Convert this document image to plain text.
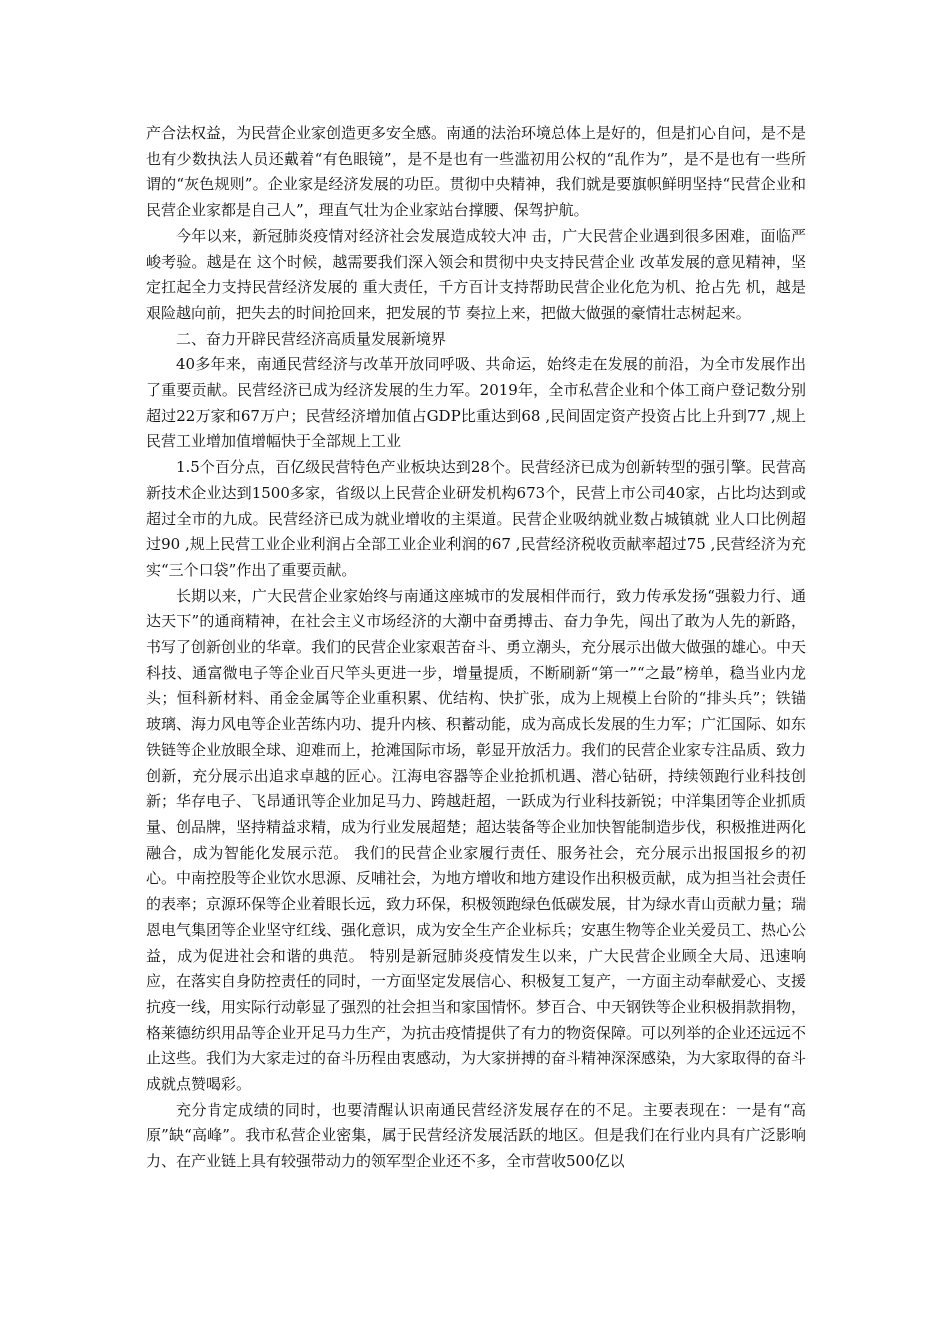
产合法权益，为民营企业家创造更多安全感。南通的法治环境总体上是好的，但是扪心自问，是不是也有少数执法人员还戴着“有色眼镜”，是不是也有一些滥初用公权的“乱作为”，是不是也有一些所谓的“灰色规则”。企业家是经济发展的功臣。贯彻中央精神，我们就是要旗帜鲜明坚持“民营企业和民营企业家都是自己人”，理直气壮为企业家站台撑腰、保驾护航。

今年以来，新冠肺炎疫情对经济社会发展造成较大冲 击，广大民营企业遇到很多困难，面临严峻考验。越是在 这个时候，越需要我们深入领会和贯彻中央支持民营企业 改革发展的意见精神，坚定扛起全力支持民营经济发展的 重大责任，千方百计支持帮助民营企业化危为机、抢占先 机，越是艰险越向前，把失去的时间抢回来，把发展的节 奏拉上来，把做大做强的豪情壮志树起来。

二、奋力开辟民营经济高质量发展新境界

40多年来，南通民营经济与改革开放同呼吸、共命运，始终走在发展的前沿，为全市发展作出了重要贡献。民营经济已成为经济发展的生力军。2019年，全市私营企业和个体工商户登记数分别超过22万家和67万户；民营经济增加值占GDP比重达到68 ,民间固定资产投资占比上升到77 ,规上民营工业增加值增幅快于全部规上工业

1.5个百分点，百亿级民营特色产业板块达到28个。民营经济已成为创新转型的强引擎。民营高新技术企业达到1500多家，省级以上民营企业研发机构673个，民营上市公司40家，占比均达到或超过全市的九成。民营经济已成为就业增收的主渠道。民营企业吸纳就业数占城镇就 业人口比例超过90 ,规上民营工业企业利润占全部工业企业利润的67 ,民营经济税收贡献率超过75 ,民营经济为充实“三个口袋”作出了重要贡献。

长期以来，广大民营企业家始终与南通这座城市的发展相伴而行，致力传承发扬“强毅力行、通达天下”的通商精神，在社会主义市场经济的大潮中奋勇搏击、奋力争先，闯出了敢为人先的新路，书写了创新创业的华章。我们的民营企业家艰苦奋斗、勇立潮头，充分展示出做大做强的雄心。中天科技、通富微电子等企业百尺竿头更进一步，增量提质，不断刷新“第一”“之最”榜单，稳当业内龙头；恒科新材料、甬金金属等企业重积累、优结构、快扩张，成为上规模上台阶的“排头兵”；铁锚玻璃、海力风电等企业苦练内功、提升内核、积蓄动能，成为高成长发展的生力军；广汇国际、如东铁链等企业放眼全球、迎难而上，抢滩国际市场，彰显开放活力。我们的民营企业家专注品质、致力创新，充分展示出追求卓越的匠心。江海电容器等企业抢抓机遇、潜心钻研，持续领跑行业科技创新；华存电子、飞昂通讯等企业加足马力、跨越赶超，一跃成为行业科技新锐；中洋集团等企业抓质量、创品牌，坚持精益求精，成为行业发展超楚；超达装备等企业加快智能制造步伐，积极推进两化融合，成为智能化发展示范。 我们的民营企业家履行责任、服务社会，充分展示出报国报乡的初心。中南控股等企业饮水思源、反哺社会，为地方增收和地方建设作出积极贡献，成为担当社会责任的表率；京源环保等企业着眼长远，致力环保，积极领跑绿色低碳发展，甘为绿水青山贡献力量；瑞恩电气集团等企业坚守红线、强化意识，成为安全生产企业标兵；安惠生物等企业关爱员工、热心公益，成为促进社会和谐的典范。 特别是新冠肺炎疫情发生以来，广大民营企业顾全大局、迅速响应，在落实自身防控责任的同时，一方面坚定发展信心、积极复工复产，一方面主动奉献爱心、支援抗疫一线，用实际行动彰显了强烈的社会担当和家国情怀。梦百合、中天钢铁等企业积极捐款捐物，格莱德纺织用品等企业开足马力生产，为抗击疫情提供了有力的物资保障。可以列举的企业还远远不止这些。我们为大家走过的奋斗历程由衷感动，为大家拼搏的奋斗精神深深感染，为大家取得的奋斗成就点赞喝彩。

充分肯定成绩的同时，也要清醒认识南通民营经济发展存在的不足。主要表现在：一是有“高原”缺“高峰”。我市私营企业密集，属于民营经济发展活跃的地区。但是我们在行业内具有广泛影响力、在产业链上具有较强带动力的领军型企业还不多，全市营收500亿以
